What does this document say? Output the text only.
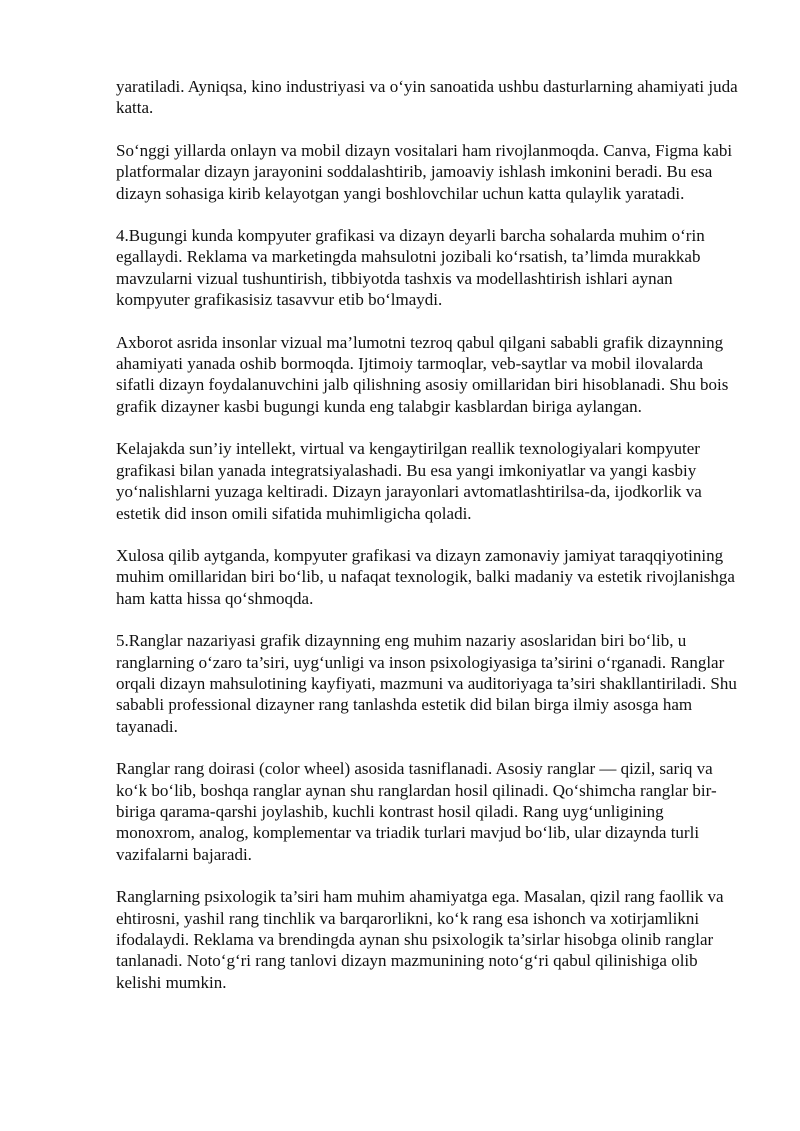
yaratiladi. Ayniqsa, kino industriyasi va o‘yin sanoatida ushbu dasturlarning ahamiyati juda katta.

So‘nggi yillarda onlayn va mobil dizayn vositalari ham rivojlanmoqda. Canva, Figma kabi platformalar dizayn jarayonini soddalashtirib, jamoaviy ishlash imkonini beradi. Bu esa dizayn sohasiga kirib kelayotgan yangi boshlovchilar uchun katta qulaylik yaratadi.

4.Bugungi kunda kompyuter grafikasi va dizayn deyarli barcha sohalarda muhim o‘rin egallaydi. Reklama va marketingda mahsulotni jozibali ko‘rsatish, ta’limda murakkab mavzularni vizual tushuntirish, tibbiyotda tashxis va modellashtirish ishlari aynan kompyuter grafikasisiz tasavvur etib bo‘lmaydi.

Axborot asrida insonlar vizual ma’lumotni tezroq qabul qilgani sababli grafik dizaynning ahamiyati yanada oshib bormoqda. Ijtimoiy tarmoqlar, veb-saytlar va mobil ilovalarda sifatli dizayn foydalanuvchini jalb qilishning asosiy omillaridan biri hisoblanadi. Shu bois grafik dizayner kasbi bugungi kunda eng talabgir kasblardan biriga aylangan.

Kelajakda sun’iy intellekt, virtual va kengaytirilgan reallik texnologiyalari kompyuter grafikasi bilan yanada integratsiyalashadi. Bu esa yangi imkoniyatlar va yangi kasbiy yo‘nalishlarni yuzaga keltiradi. Dizayn jarayonlari avtomatlashtirilsa-da, ijodkorlik va estetik did inson omili sifatida muhimligicha qoladi.

Xulosa qilib aytganda, kompyuter grafikasi va dizayn zamonaviy jamiyat taraqqiyotining muhim omillaridan biri bo‘lib, u nafaqat texnologik, balki madaniy va estetik rivojlanishga ham katta hissa qo‘shmoqda.

5.Ranglar nazariyasi grafik dizaynning eng muhim nazariy asoslaridan biri bo‘lib, u ranglarning o‘zaro ta’siri, uyg‘unligi va inson psixologiyasiga ta’sirini o‘rganadi. Ranglar orqali dizayn mahsulotining kayfiyati, mazmuni va auditoriyaga ta’siri shakllantiriladi. Shu sababli professional dizayner rang tanlashda estetik did bilan birga ilmiy asosga ham tayanadi.

Ranglar rang doirasi (color wheel) asosida tasniflanadi. Asosiy ranglar — qizil, sariq va ko‘k bo‘lib, boshqa ranglar aynan shu ranglardan hosil qilinadi. Qo‘shimcha ranglar bir-biriga qarama-qarshi joylashib, kuchli kontrast hosil qiladi. Rang uyg‘unligining monoxrom, analog, komplementar va triadik turlari mavjud bo‘lib, ular dizaynda turli vazifalarni bajaradi.

Ranglarning psixologik ta’siri ham muhim ahamiyatga ega. Masalan, qizil rang faollik va ehtirosni, yashil rang tinchlik va barqarorlikni, ko‘k rang esa ishonch va xotirjamlikni ifodalaydi. Reklama va brendingda aynan shu psixologik ta’sirlar hisobga olinib ranglar tanlanadi. Noto‘g‘ri rang tanlovi dizayn mazmunining noto‘g‘ri qabul qilinishiga olib kelishi mumkin.
